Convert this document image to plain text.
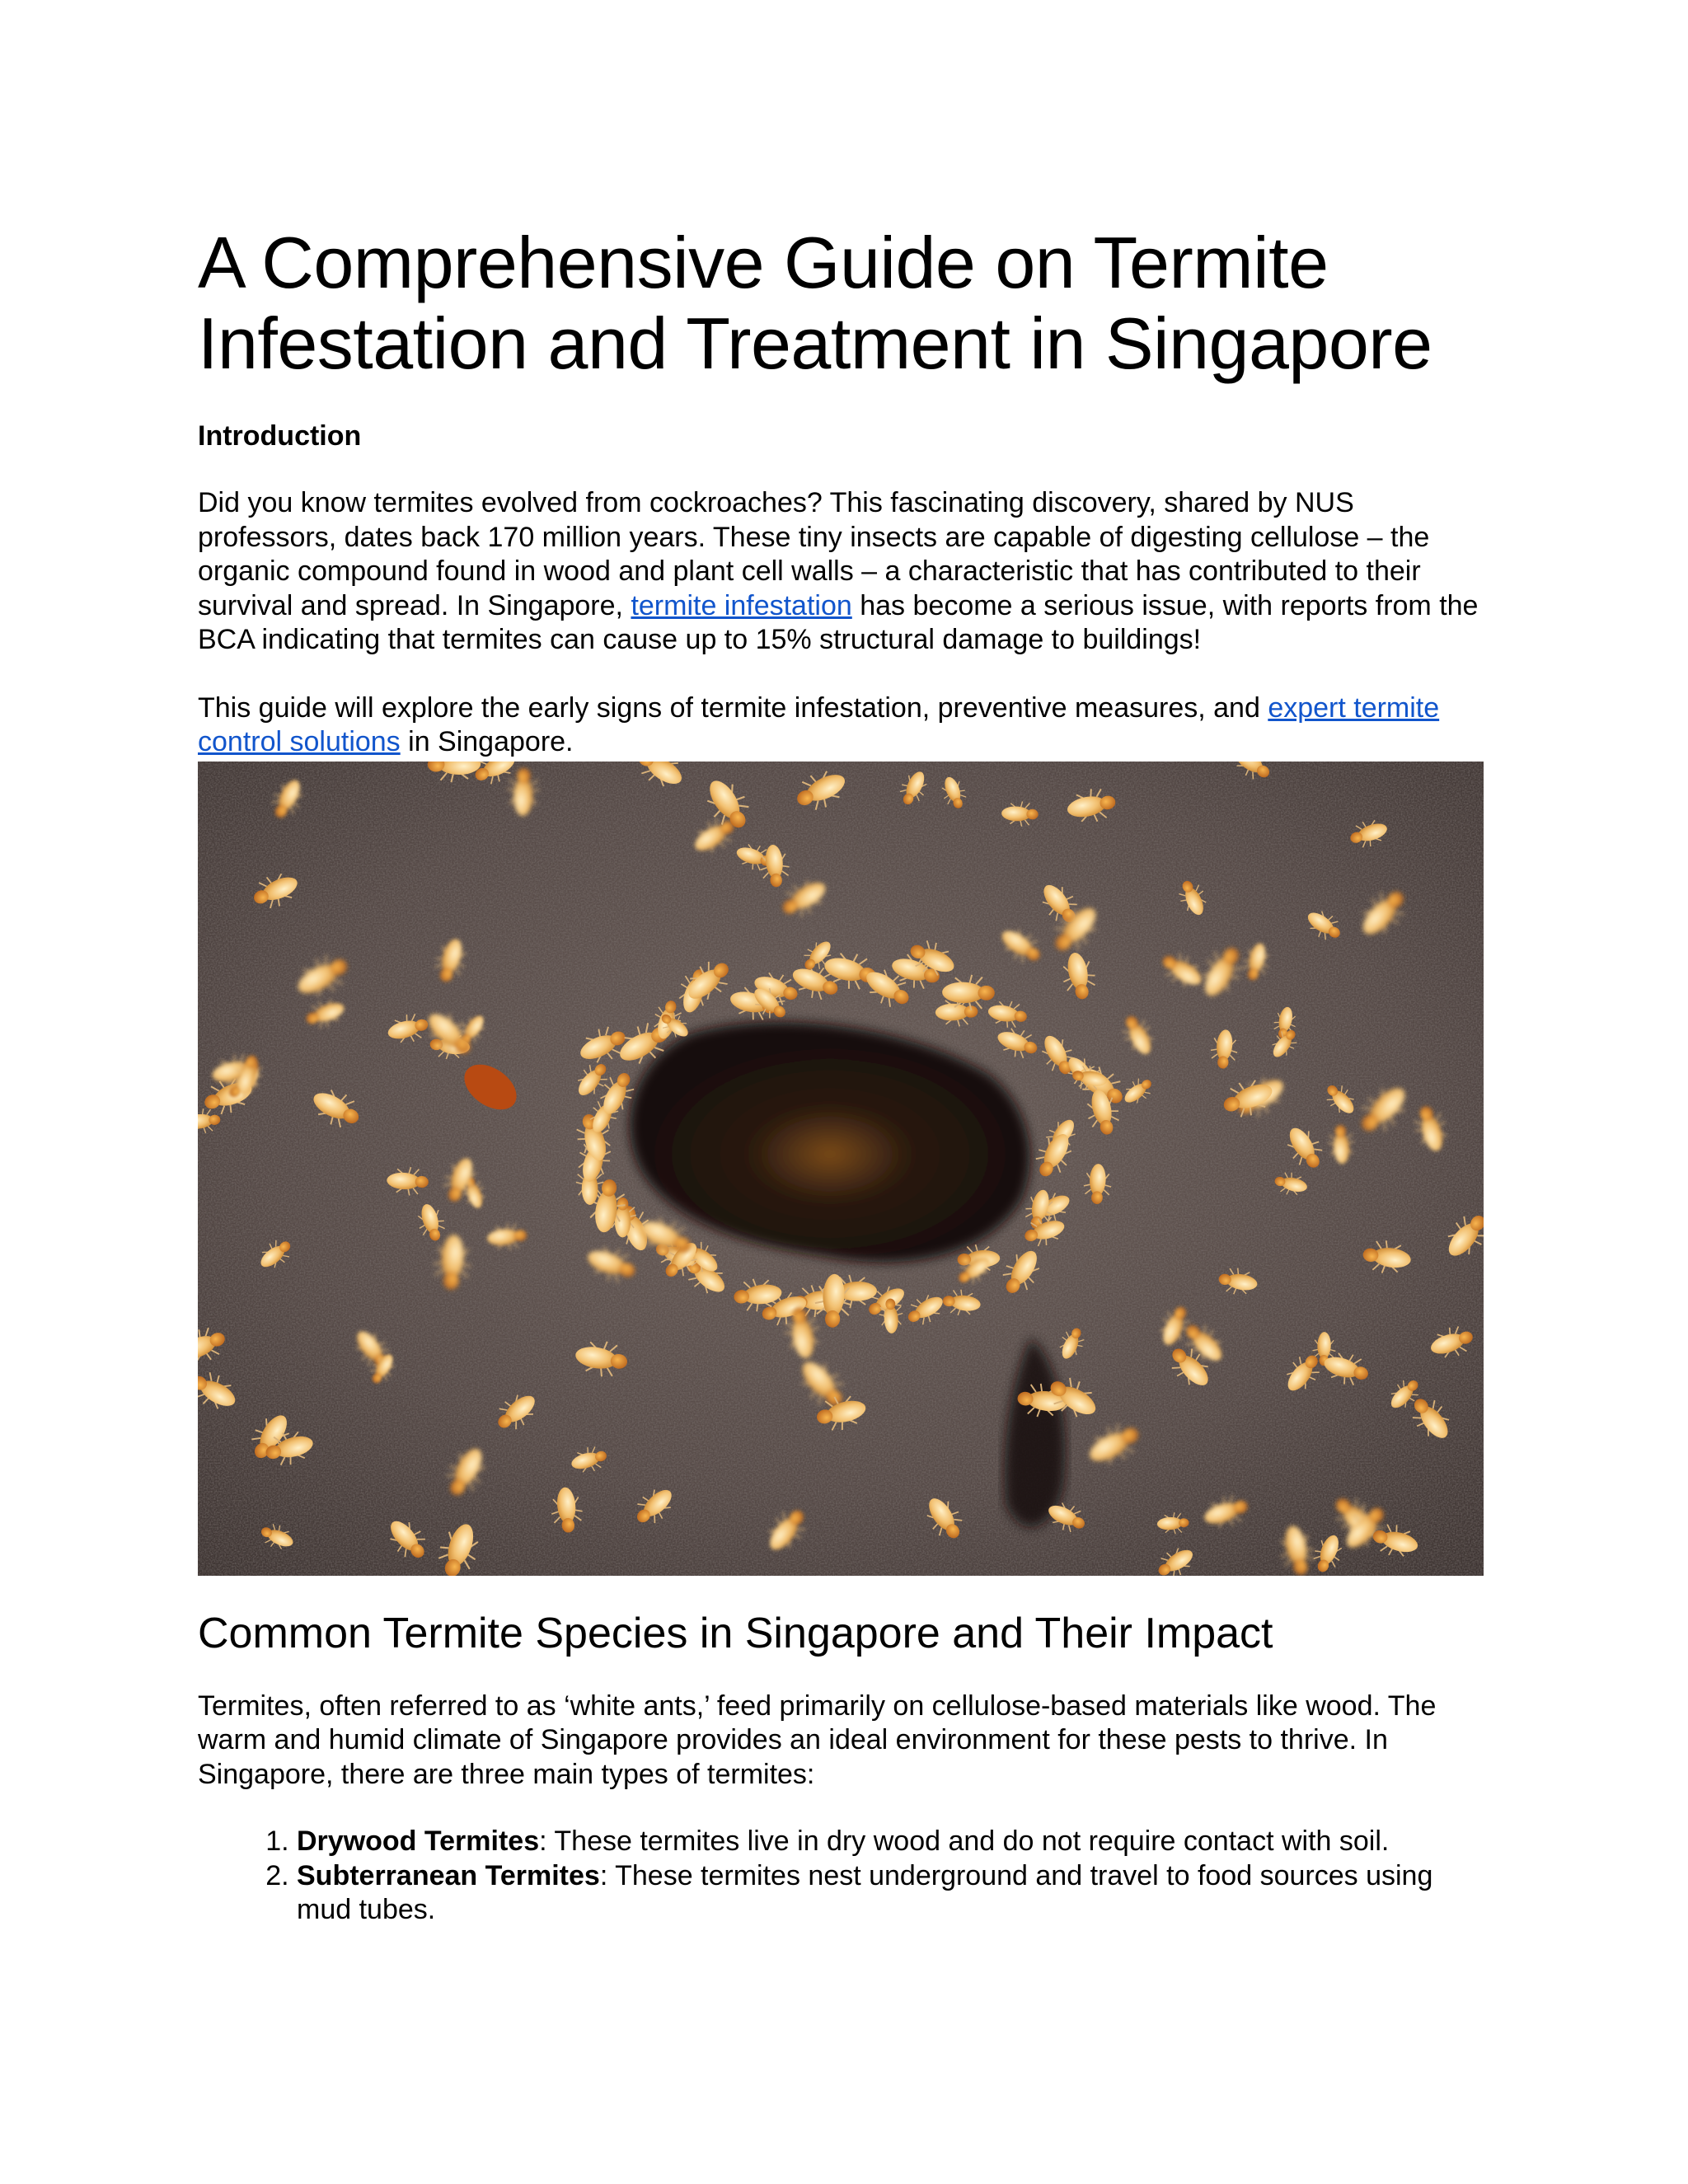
A Comprehensive Guide on Termite Infestation and Treatment in Singapore
Introduction

Did you know termites evolved from cockroaches? This fascinating discovery, shared by NUS professors, dates back 170 million years. These tiny insects are capable of digesting cellulose – the organic compound found in wood and plant cell walls – a characteristic that has contributed to their survival and spread. In Singapore, termite infestation has become a serious issue, with reports from the BCA indicating that termites can cause up to 15% structural damage to buildings!

This guide will explore the early signs of termite infestation, preventive measures, and expert termite control solutions in Singapore.

Common Termite Species in Singapore and Their Impact

Termites, often referred to as ‘white ants,’ feed primarily on cellulose-based materials like wood. The warm and humid climate of Singapore provides an ideal environment for these pests to thrive. In Singapore, there are three main types of termites:

1. Drywood Termites: These termites live in dry wood and do not require contact with soil.
2. Subterranean Termites: These termites nest underground and travel to food sources using mud tubes.
